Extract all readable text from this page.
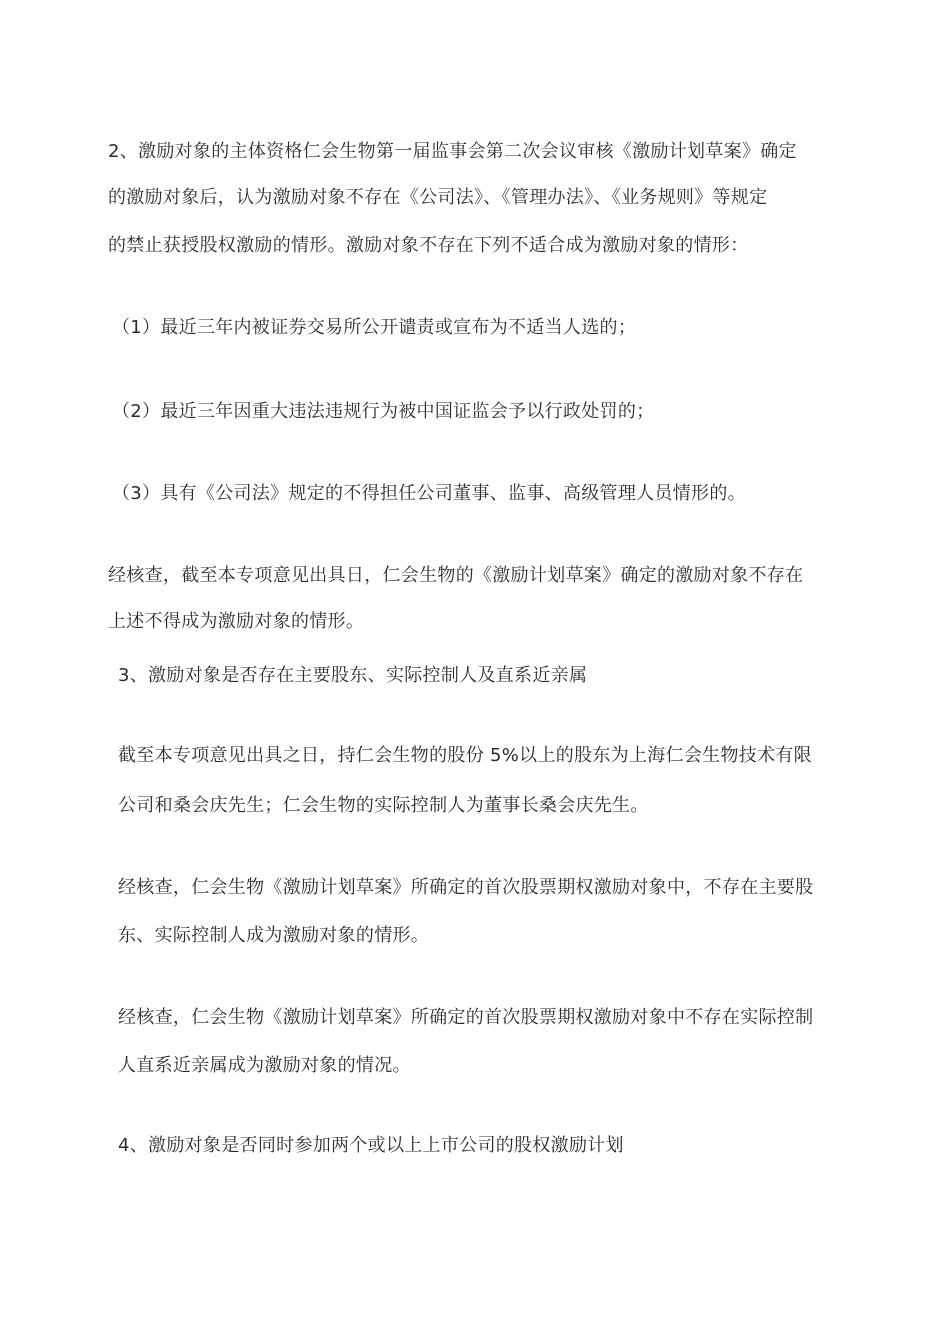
2、激励对象的主体资格仁会生物第一届监事会第二次会议审核《激励计划草案》确定
的激励对象后，认为激励对象不存在《公司法》、《管理办法》、《业务规则》等规定
的禁止获授股权激励的情形。激励对象不存在下列不适合成为激励对象的情形：
（1）最近三年内被证券交易所公开谴责或宣布为不适当人选的；
（2）最近三年因重大违法违规行为被中国证监会予以行政处罚的；
（3）具有《公司法》规定的不得担任公司董事、监事、高级管理人员情形的。
经核查，截至本专项意见出具日，仁会生物的《激励计划草案》确定的激励对象不存在
上述不得成为激励对象的情形。
3、激励对象是否存在主要股东、实际控制人及直系近亲属
截至本专项意见出具之日，持仁会生物的股份 5%以上的股东为上海仁会生物技术有限
公司和桑会庆先生；仁会生物的实际控制人为董事长桑会庆先生。
经核查，仁会生物《激励计划草案》所确定的首次股票期权激励对象中，不存在主要股
东、实际控制人成为激励对象的情形。
经核查，仁会生物《激励计划草案》所确定的首次股票期权激励对象中不存在实际控制
人直系近亲属成为激励对象的情况。
4、激励对象是否同时参加两个或以上上市公司的股权激励计划
